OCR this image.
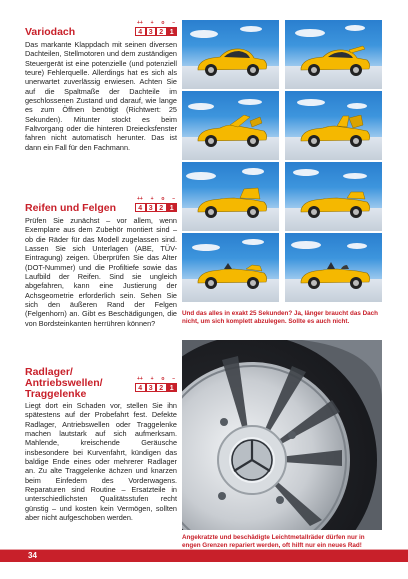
Variodach
++ + o –
4 3 2 1

Das markante Klappdach mit seinen diversen Dachteilen, Stellmotoren und dem zuständigen Steuergerät ist eine potenzielle (und potenziell teure) Fehlerquelle. Allerdings hat es sich als unerwartet zuverlässig erwiesen. Achten Sie auf die Spaltmaße der Dachteile im geschlossenen Zustand und darauf, wie lange es zum Öffnen benötigt (Richtwert: 25 Sekunden). Mitunter stockt es beim Faltvorgang oder die hinteren Dreiecksfenster fahren nicht automatisch herunter. Das ist dann ein Fall für den Fachmann.

Reifen und Felgen
++ + o –
4 3 2 1

Prüfen Sie zunächst – vor allem, wenn Exemplare aus dem Zubehör montiert sind – ob die Räder für das Modell zugelassen sind. Lassen Sie sich Unterlagen (ABE, TÜV-Eintragung) zeigen. Überprüfen Sie das Alter (DOT-Nummer) und die Profiltiefe sowie das Laufbild der Reifen. Sind sie ungleich abgefahren, kann eine Justierung der Achsgeometrie erforderlich sein. Sehen Sie sich den äußeren Rand der Felgen (Felgenhorn) an. Gibt es Beschädigungen, die von Bordsteinkanten herrühren können?

Radlager/
Antriebswellen/
Traggelenke
++ + o –
4 3 2 1

Liegt dort ein Schaden vor, stellen Sie ihn spätestens auf der Probefahrt fest. Defekte Radlager, Antriebswellen oder Traggelenke machen lautstark auf sich aufmerksam. Mahlende, kreischende Geräusche insbesondere bei Kurvenfahrt, kündigen das baldige Ende eines oder mehrerer Radlager an. Zu alte Traggelenke ächzen und knarzen beim Einfedern des Vorderwagens. Reparaturen sind Routine – Ersatzteile in unterschiedlichsten Qualitätsstufen recht günstig – und kosten kein Vermögen, sollten aber nicht aufgeschoben werden.

Und das alles in exakt 25 Sekunden? Ja, länger braucht das Dach nicht, um sich komplett abzulegen. Sollte es auch nicht.
Angekratzte und beschädigte Leichtmetallräder dürfen nur in engen Grenzen repariert werden, oft hilft nur ein neues Rad!
34
